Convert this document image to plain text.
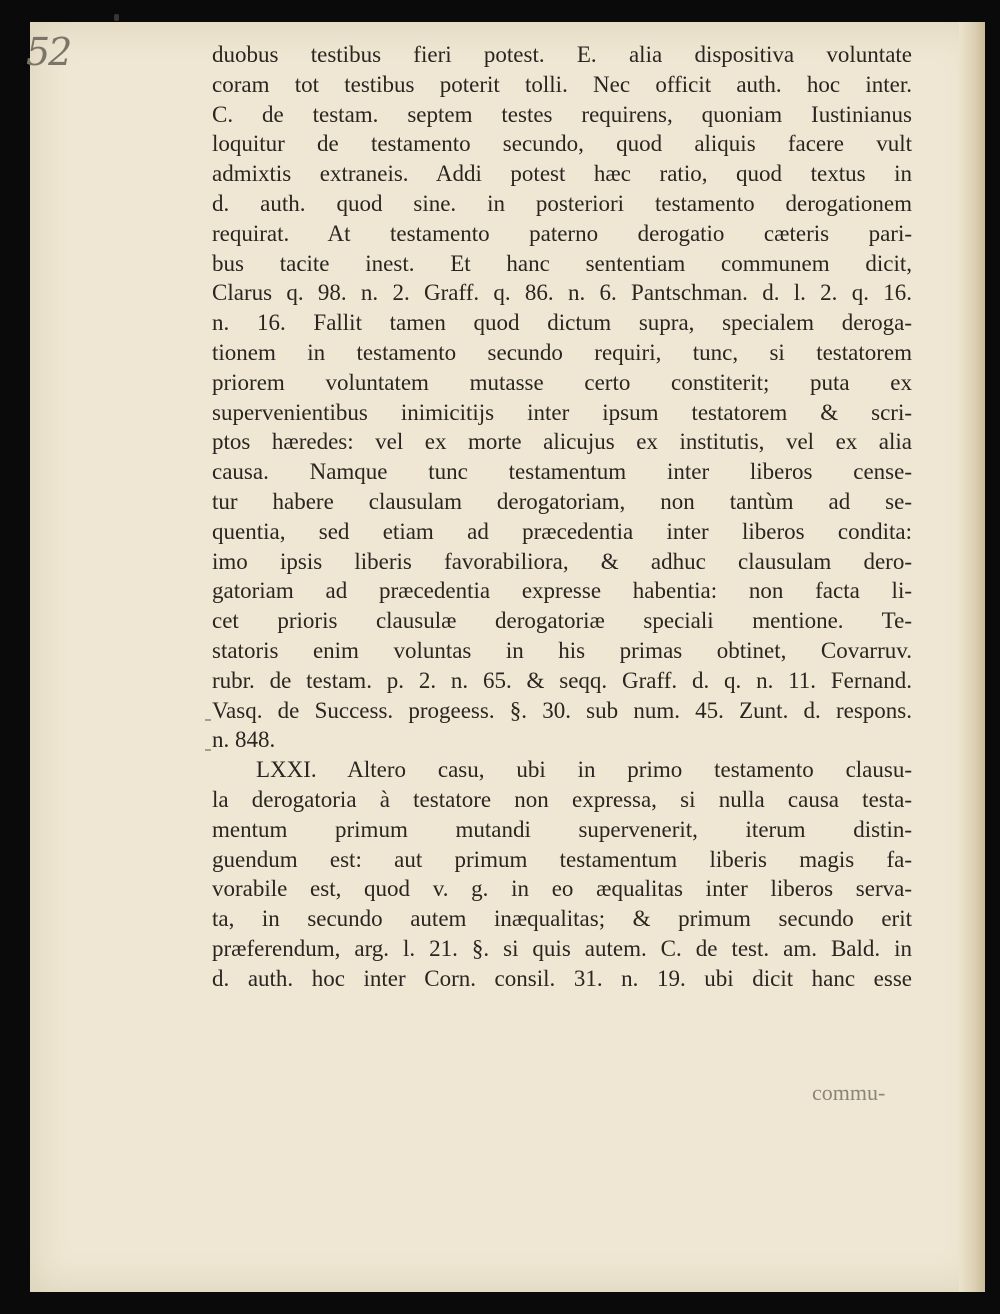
52	duobus testibus fieri potest. E. alia dispositiva voluntate
coram tot testibus poterit tolli. Nec officit auth. hoc inter.
C. de testam. septem testes requirens, quoniam Iustinianus
loquitur de testamento secundo, quod aliquis facere vult
admixtis extraneis. Addi potest hæc ratio, quod textus in
d. auth. quod sine. in posteriori testamento derogationem
requirat. At testamento paterno derogatio cæteris pari-
bus tacite inest. Et hanc sententiam communem dicit,
Clarus q. 98. n. 2. Graff. q. 86. n. 6. Pantschman. d. l. 2. q. 16.
n. 16. Fallit tamen quod dictum supra, specialem deroga-
tionem in testamento secundo requiri, tunc, si testatorem
priorem voluntatem mutasse certo constiterit; puta ex
supervenientibus inimicitijs inter ipsum testatorem & scri-
ptos hæredes: vel ex morte alicujus ex institutis, vel ex alia
causa. Namque tunc testamentum inter liberos cense-
tur habere clausulam derogatoriam, non tantùm ad se-
quentia, sed etiam ad præcedentia inter liberos condita:
imo ipsis liberis favorabiliora, & adhuc clausulam dero-
gatoriam ad præcedentia expresse habentia: non facta li-
cet prioris clausulæ derogatoriæ speciali mentione. Te-
statoris enim voluntas in his primas obtinet, Covarruv.
rubr. de testam. p. 2. n. 65. & seqq. Graff. d. q. n. 11. Fernand.
Vasq. de Success. progeess. §. 30. sub num. 45. Zunt. d. respons.
n. 848.
LXXI. Altero casu, ubi in primo testamento clausu-
la derogatoria à testatore non expressa, si nulla causa testa-
mentum primum mutandi supervenerit, iterum distin-
guendum est: aut primum testamentum liberis magis fa-
vorabile est, quod v. g. in eo æqualitas inter liberos serva-
ta, in secundo autem inæqualitas; & primum secundo erit
præferendum, arg. l. 21. §. si quis autem. C. de test. am. Bald. in
d. auth. hoc inter Corn. consil. 31. n. 19. ubi dicit hanc esse
commu-
